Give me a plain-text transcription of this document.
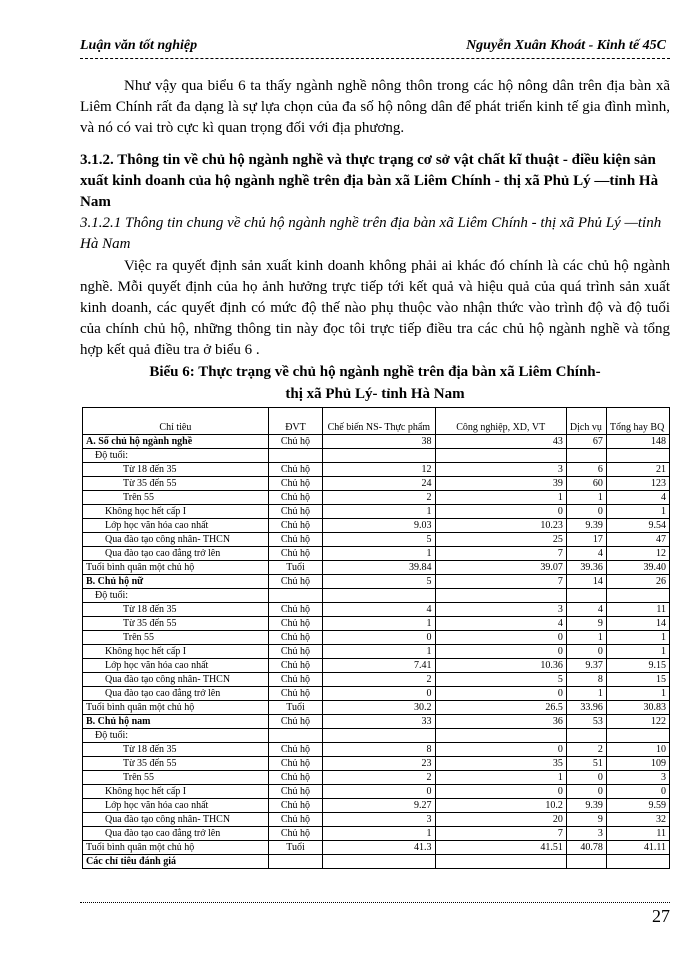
Luận văn tốt nghiệp	Nguyễn Xuân Khoát - Kinh tế 45C
Như vậy qua biểu 6 ta thấy ngành nghề nông thôn trong các hộ nông dân trên địa bàn xã Liêm Chính rất đa dạng là sự lựa chọn của đa số hộ nông dân để phát triển kinh tế gia đình mình, và nó có vai trò cực kì quan trọng đối với địa phương.
3.1.2. Thông tin về chủ hộ ngành nghề và thực trạng cơ sở vật chất kĩ thuật - điều kiện sản xuất kinh doanh của hộ ngành nghề trên địa bàn xã Liêm Chính - thị xã Phủ Lý —tỉnh Hà Nam
3.1.2.1 Thông tin chung về chủ hộ ngành nghề trên địa bàn xã Liêm Chính - thị xã Phủ Lý —tỉnh Hà Nam
Việc ra quyết định sản xuất kinh doanh không phải ai khác đó chính là các chủ hộ ngành nghề. Mỗi quyết định của họ ảnh hưởng trực tiếp tới kết quả và hiệu quả của quá trình sản xuất kinh doanh, các quyết định có mức độ thế nào phụ thuộc vào nhận thức vào trình độ và độ tuổi của chính chủ hộ, những thông tin này đọc tôi trực tiếp điều tra các chủ hộ ngành nghề và tổng hợp kết quả điều tra ở biểu 6 .
Biểu 6: Thực trạng về chủ hộ ngành nghề trên địa bàn xã Liêm Chính-
thị xã Phủ Lý- tỉnh Hà Nam
Chỉ tiêu	ĐVT	Chế biến NS- Thực phẩm	Công nghiệp, XD, VT	Dịch vụ	Tổng hay BQ
A. Số chủ hộ ngành nghề	Chủ hộ	38	43	67	148
Độ tuổi:					
Từ 18 đến 35	Chủ hộ	12	3	6	21
Từ 35 đến 55	Chủ hộ	24	39	60	123
Trên 55	Chủ hộ	2	1	1	4
Không học hết cấp I	Chủ hộ	1	0	0	1
Lớp học văn hóa cao nhất	Chủ hộ	9.03	10.23	9.39	9.54
Qua đào tạo công nhân- THCN	Chủ hộ	5	25	17	47
Qua đào tạo cao đẳng trở lên	Chủ hộ	1	7	4	12
Tuổi bình quân một chủ hộ	Tuổi	39.84	39.07	39.36	39.40
B. Chủ hộ nữ	Chủ hộ	5	7	14	26
Độ tuổi:					
Từ 18 đến 35	Chủ hộ	4	3	4	11
Từ 35 đến 55	Chủ hộ	1	4	9	14
Trên 55	Chủ hộ	0	0	1	1
Không học hết cấp I	Chủ hộ	1	0	0	1
Lớp học văn hóa cao nhất	Chủ hộ	7.41	10.36	9.37	9.15
Qua đào tạo công nhân- THCN	Chủ hộ	2	5	8	15
Qua đào tạo cao đẳng trở lên	Chủ hộ	0	0	1	1
Tuổi bình quân một chủ hộ	Tuổi	30.2	26.5	33.96	30.83
B. Chủ hộ nam	Chủ hộ	33	36	53	122
Độ tuổi:					
Từ 18 đến 35	Chủ hộ	8	0	2	10
Từ 35 đến 55	Chủ hộ	23	35	51	109
Trên 55	Chủ hộ	2	1	0	3
Không học hết cấp I	Chủ hộ	0	0	0	0
Lớp học văn hóa cao nhất	Chủ hộ	9.27	10.2	9.39	9.59
Qua đào tạo công nhân- THCN	Chủ hộ	3	20	9	32
Qua đào tạo cao đẳng trở lên	Chủ hộ	1	7	3	11
Tuổi bình quân một chủ hộ	Tuổi	41.3	41.51	40.78	41.11
Các chỉ tiêu đánh giá					
27
